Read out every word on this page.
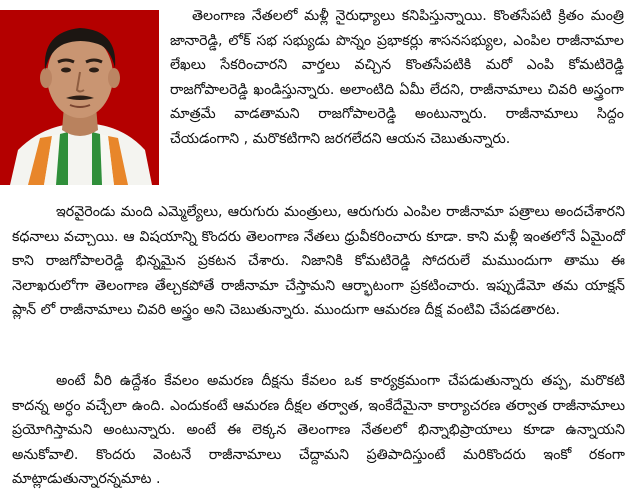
తెలంగాణ నేతలలో మళ్లీ నైరుధ్యాలు కనిపిస్తున్నాయి. కొంతసేపటి క్రితం మంత్రి జానారెడ్డి, లోక్ సభ సభ్యుడు పొన్నం ప్రభాకర్లు శాసనసభ్యుల, ఎంపిల రాజీనామాల లేఖలు సేకరించారని వార్తలు వచ్చిన కొంతసేపటికి మరో ఎంపి కోమటిరెడ్డి రాజగోపాలరెడ్డి ఖండిస్తున్నారు. అలాంటిది ఏమీ లేదని, రాజీనామాలు చివరి అస్త్రంగా మాత్రమే వాడతామని రాజగోపాలరెడ్డి అంటున్నారు. రాజీనామాలు సిద్దం చేయడంగాని , మరొకటిగాని జరగలేదని ఆయన చెబుతున్నారు.

ఇరవైరెండు మంది ఎమ్మెల్యేలు, ఆరుగురు మంత్రులు, ఆరుగురు ఎంపిల రాజీనామా పత్రాలు అందచేశారని కధనాలు వచ్చాయి. ఆ విషయాన్ని కొందరు తెలంగాణ నేతలు ధ్రువీకరించారు కూడా. కాని మళ్లీ ఇంతలోనే ఏమైందో కాని రాజగోపాలరెడ్డి భిన్నమైన ప్రకటన చేశారు. నిజానికి కోమటిరెడ్డి సోదరులే మముందుగా తాము ఈ నెలాఖరులోగా తెలంగాణ తేల్చకపోతే రాజీనామా చేస్తామని ఆర్భాటంగా ప్రకటించారు. ఇప్పుడేమో తమ యాక్షన్ ప్లాన్ లో రాజీనామాలు చివరి అస్త్రం అని చెబుతున్నారు. ముందుగా ఆమరణ దీక్ష వంటివి చేపడతారట.

అంటే వీరి ఉద్దేశం కేవలం అమరణ దీక్షను కేవలం ఒక కార్యక్రమంగా చేపడుతున్నారు తప్ప, మరొకటి కాదన్న అర్ధం వచ్చేలా ఉంది. ఎందుకంటే ఆమరణ దీక్షల తర్వాత, ఇంకేదేమైనా కార్యాచరణ తర్వాత రాజీనామాలు ప్రయోగిస్తామని అంటున్నారు. అంటే ఈ లెక్కన తెలంగాణ నేతలలో భిన్నాభిప్రాయాలు కూడా ఉన్నాయని అనుకోవాలి. కొందరు వెంటనే రాజీనామాలు చేద్దామని ప్రతిపాదిస్తుంటే మరికొందరు ఇంకో రకంగా మాట్లాడుతున్నారన్నమాట .
